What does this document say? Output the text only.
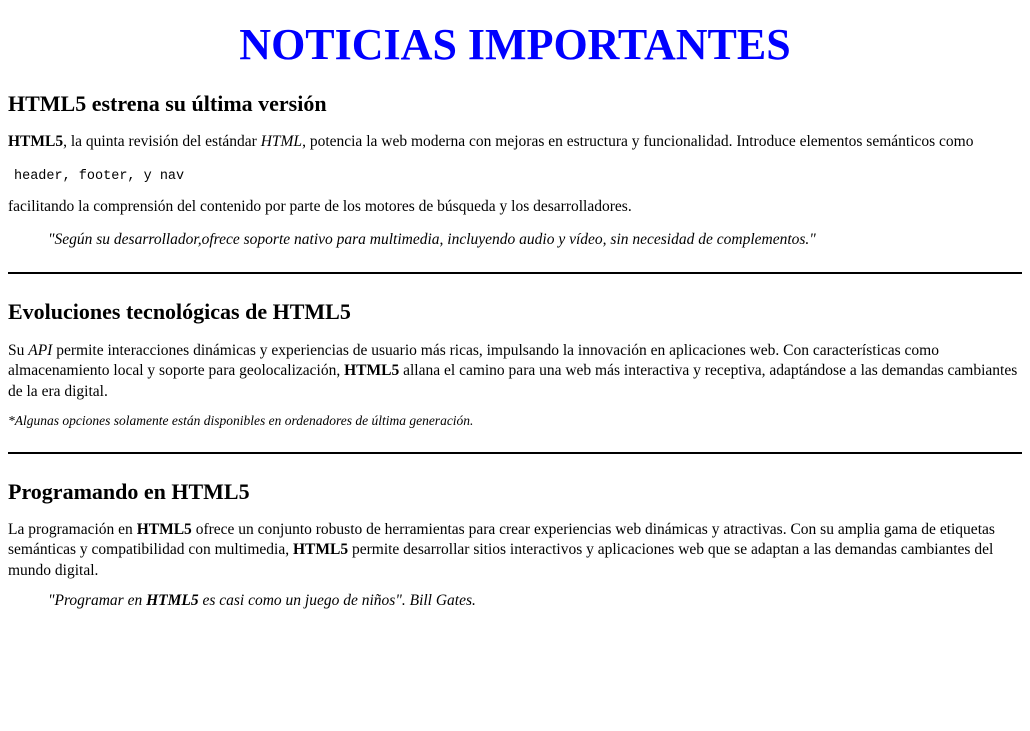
NOTICIAS IMPORTANTES
HTML5 estrena su última versión

HTML5, la quinta revisión del estándar HTML, potencia la web moderna con mejoras en estructura y funcionalidad. Introduce elementos semánticos como

header, footer, y nav

facilitando la comprensión del contenido por parte de los motores de búsqueda y los desarrolladores.

"Según su desarrollador,ofrece soporte nativo para multimedia, incluyendo audio y vídeo, sin necesidad de complementos."
Evoluciones tecnológicas de HTML5

Su API permite interacciones dinámicas y experiencias de usuario más ricas, impulsando la innovación en aplicaciones web. Con características como almacenamiento local y soporte para geolocalización, HTML5 allana el camino para una web más interactiva y receptiva, adaptándose a las demandas cambiantes de la era digital.

*Algunas opciones solamente están disponibles en ordenadores de última generación.

Programando en HTML5

La programación en HTML5 ofrece un conjunto robusto de herramientas para crear experiencias web dinámicas y atractivas. Con su amplia gama de etiquetas semánticas y compatibilidad con multimedia, HTML5 permite desarrollar sitios interactivos y aplicaciones web que se adaptan a las demandas cambiantes del mundo digital.

"Programar en HTML5 es casi como un juego de niños". Bill Gates.
